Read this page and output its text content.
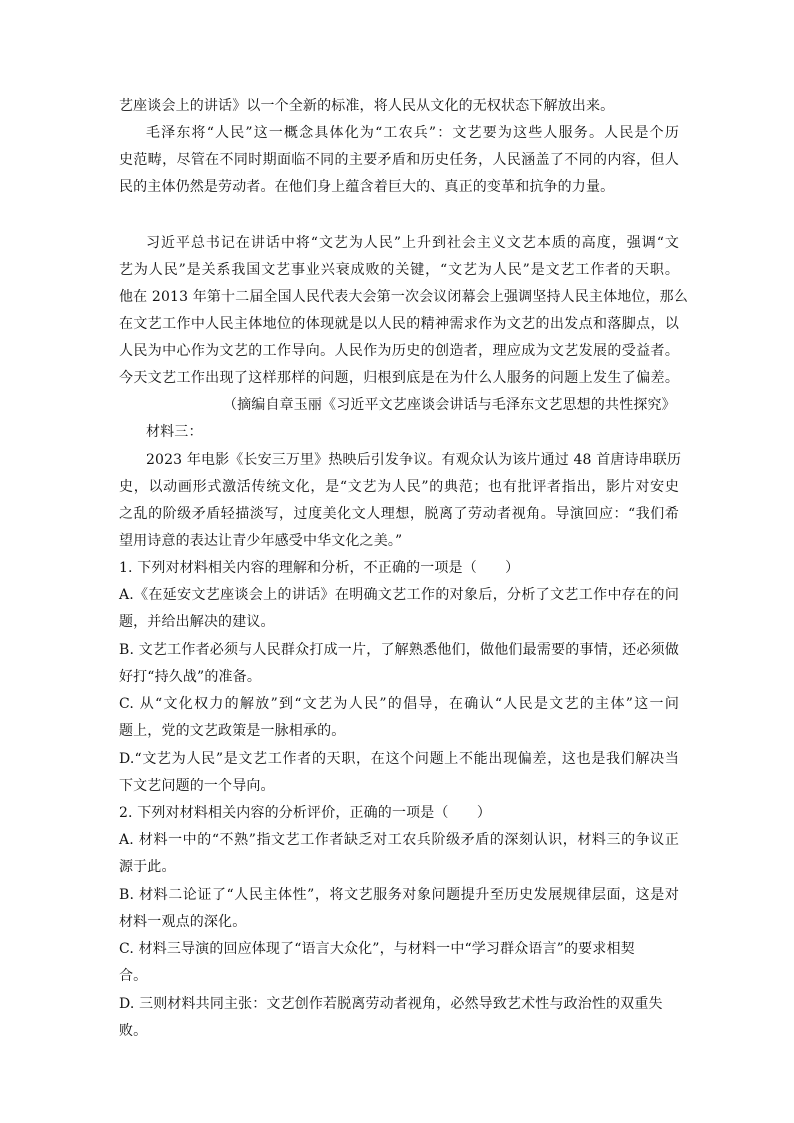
艺座谈会上的讲话》以一个全新的标准，将人民从文化的无权状态下解放出来。

毛泽东将“人民”这一概念具体化为“工农兵”：文艺要为这些人服务。人民是个历

史范畴，尽管在不同时期面临不同的主要矛盾和历史任务，人民涵盖了不同的内容，但人

民的主体仍然是劳动者。在他们身上蕴含着巨大的、真正的变革和抗争的力量。

习近平总书记在讲话中将“文艺为人民”上升到社会主义文艺本质的高度，强调“文

艺为人民”是关系我国文艺事业兴衰成败的关键，“文艺为人民”是文艺工作者的天职。

他在 2013 年第十二届全国人民代表大会第一次会议闭幕会上强调坚持人民主体地位，那么

在文艺工作中人民主体地位的体现就是以人民的精神需求作为文艺的出发点和落脚点，以

人民为中心作为文艺的工作导向。人民作为历史的创造者，理应成为文艺发展的受益者。

今天文艺工作出现了这样那样的问题，归根到底是在为什么人服务的问题上发生了偏差。

（摘编自章玉丽《习近平文艺座谈会讲话与毛泽东文艺思想的共性探究》

材料三：

2023 年电影《长安三万里》热映后引发争议。有观众认为该片通过 48 首唐诗串联历

史，以动画形式激活传统文化，是“文艺为人民”的典范；也有批评者指出，影片对安史

之乱的阶级矛盾轻描淡写，过度美化文人理想，脱离了劳动者视角。导演回应：“我们希

望用诗意的表达让青少年感受中华文化之美。”

1. 下列对材料相关内容的理解和分析，不正确的一项是（　　）

A.《在延安文艺座谈会上的讲话》在明确文艺工作的对象后，分析了文艺工作中存在的问

题，并给出解决的建议。

B. 文艺工作者必须与人民群众打成一片，了解熟悉他们，做他们最需要的事情，还必须做

好打“持久战”的准备。

C. 从“文化权力的解放”到“文艺为人民”的倡导，在确认“人民是文艺的主体”这一问

题上，党的文艺政策是一脉相承的。

D.“文艺为人民”是文艺工作者的天职，在这个问题上不能出现偏差，这也是我们解决当

下文艺问题的一个导向。

2. 下列对材料相关内容的分析评价，正确的一项是（　　）

A. 材料一中的“不熟”指文艺工作者缺乏对工农兵阶级矛盾的深刻认识，材料三的争议正

源于此。

B. 材料二论证了“人民主体性”，将文艺服务对象问题提升至历史发展规律层面，这是对

材料一观点的深化。

C. 材料三导演的回应体现了“语言大众化”，与材料一中“学习群众语言”的要求相契

合。

D. 三则材料共同主张：文艺创作若脱离劳动者视角，必然导致艺术性与政治性的双重失

败。
